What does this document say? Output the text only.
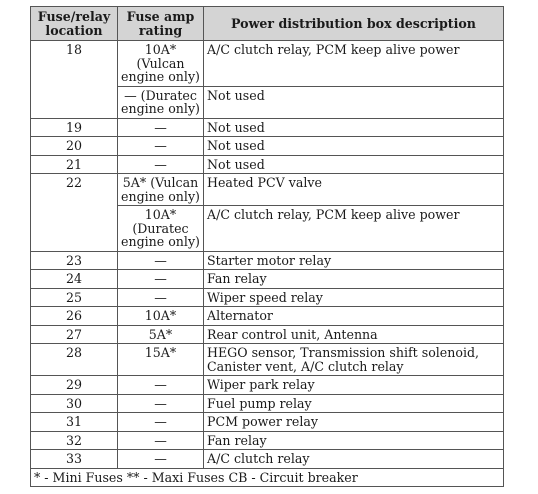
Fuse/relay location	Fuse amp rating	Power distribution box description
18	10A* (Vulcan engine only)	A/C clutch relay, PCM keep alive power
	— (Duratec engine only)	Not used
19	—	Not used
20	—	Not used
21	—	Not used
22	5A* (Vulcan engine only)	Heated PCV valve
	10A* (Duratec engine only)	A/C clutch relay, PCM keep alive power
23	—	Starter motor relay
24	—	Fan relay
25	—	Wiper speed relay
26	10A*	Alternator
27	5A*	Rear control unit, Antenna
28	15A*	HEGO sensor, Transmission shift solenoid, Canister vent, A/C clutch relay
29	—	Wiper park relay
30	—	Fuel pump relay
31	—	PCM power relay
32	—	Fan relay
33	—	A/C clutch relay
* - Mini Fuses ** - Maxi Fuses CB - Circuit breaker		
